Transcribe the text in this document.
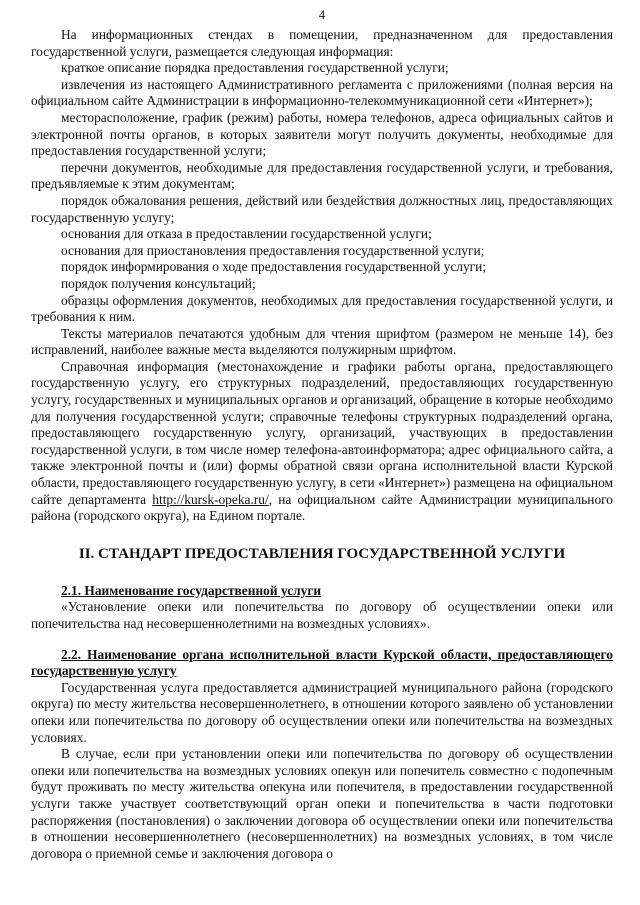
4

На информационных стендах в помещении, предназначенном для предоставления государственной услуги, размещается следующая информация:

краткое описание порядка предоставления государственной услуги;

извлечения из настоящего Административного регламента с приложениями (полная версия на официальном сайте Администрации в информационно-телекоммуникационной сети «Интернет»);

месторасположение, график (режим) работы, номера телефонов, адреса официальных сайтов и электронной почты органов, в которых заявители могут получить документы, необходимые для предоставления государственной услуги;

перечни документов, необходимые для предоставления государственной услуги, и требования, предъявляемые к этим документам;

порядок обжалования решения, действий или бездействия должностных лиц, предоставляющих государственную услугу;

основания для отказа в предоставлении государственной услуги;

основания для приостановления предоставления государственной услуги;

порядок информирования о ходе предоставления государственной услуги;

порядок получения консультаций;

образцы оформления документов, необходимых для предоставления государственной услуги, и требования к ним.

Тексты материалов печатаются удобным для чтения шрифтом (размером не меньше 14), без исправлений, наиболее важные места выделяются полужирным шрифтом.

Справочная информация (местонахождение и графики работы органа, предоставляющего государственную услугу, его структурных подразделений, предоставляющих государственную услугу, государственных и муниципальных органов и организаций, обращение в которые необходимо для получения государственной услуги; справочные телефоны структурных подразделений органа, предоставляющего государственную услугу, организаций, участвующих в предоставлении государственной услуги, в том числе номер телефона-автоинформатора; адрес официального сайта, а также электронной почты и (или) формы обратной связи органа исполнительной власти Курской области, предоставляющего государственную услугу, в сети «Интернет») размещена на официальном сайте департамента http://kursk-opeka.ru/, на официальном сайте Администрации муниципального района (городского округа), на Едином портале.

II. СТАНДАРТ ПРЕДОСТАВЛЕНИЯ ГОСУДАРСТВЕННОЙ УСЛУГИ

2.1. Наименование государственной услуги

«Установление опеки или попечительства по договору об осуществлении опеки или попечительства над несовершеннолетними на возмездных условиях».

2.2. Наименование органа исполнительной власти Курской области, предоставляющего государственную услугу

Государственная услуга предоставляется администрацией муниципального района (городского округа) по месту жительства несовершеннолетнего, в отношении которого заявлено об установлении опеки или попечительства по договору об осуществлении опеки или попечительства на возмездных условиях.

В случае, если при установлении опеки или попечительства по договору об осуществлении опеки или попечительства на возмездных условиях опекун или попечитель совместно с подопечным будут проживать по месту жительства опекуна или попечителя, в предоставлении государственной услуги также участвует соответствующий орган опеки и попечительства в части подготовки распоряжения (постановления) о заключении договора об осуществлении опеки или попечительства в отношении несовершеннолетнего (несовершеннолетних) на возмездных условиях, в том числе договора о приемной семье и заключения договора о
